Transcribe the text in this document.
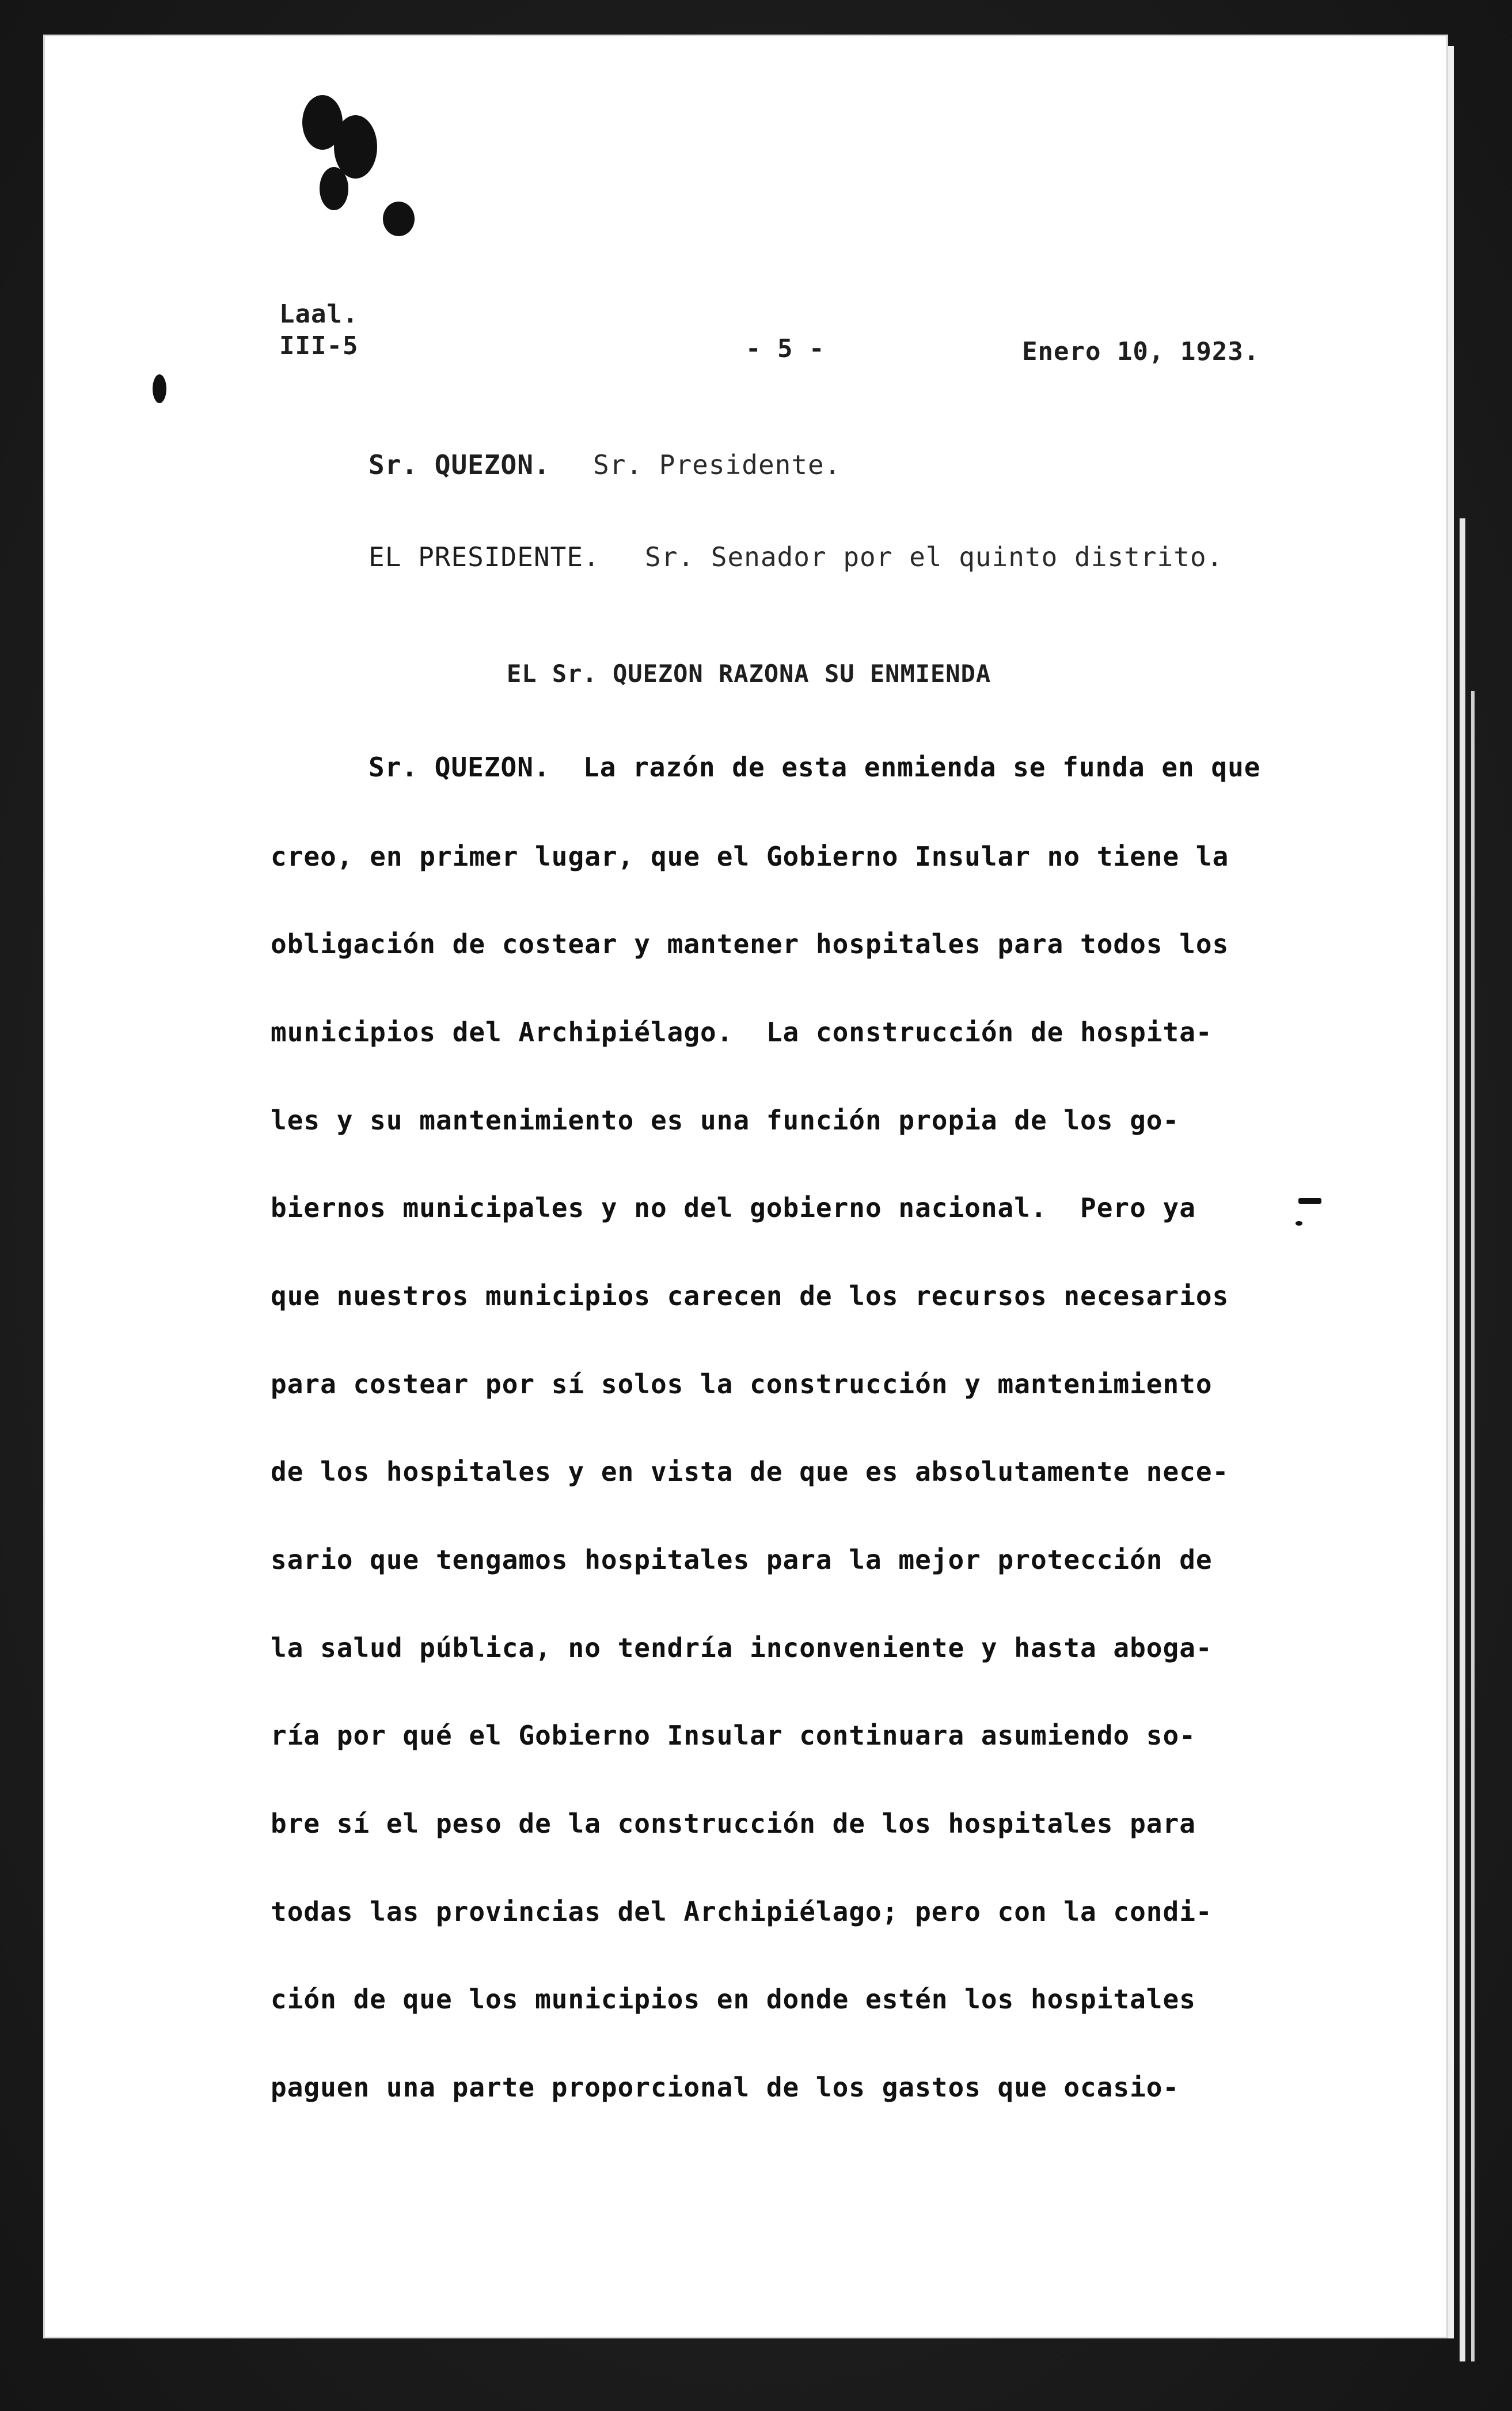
Laal.
III-5	- 5 -	Enero 10, 1923.
Sr. QUEZON. Sr. Presidente.
EL PRESIDENTE. Sr. Senador por el quinto distrito.
EL Sr. QUEZON RAZONA SU ENMIENDA
Sr. QUEZON.  La razón de esta enmienda se funda en que
creo, en primer lugar, que el Gobierno Insular no tiene la
obligación de costear y mantener hospitales para todos los
municipios del Archipiélago.  La construcción de hospita-
les y su mantenimiento es una función propia de los go-
biernos municipales y no del gobierno nacional.  Pero ya
que nuestros municipios carecen de los recursos necesarios
para costear por sí solos la construcción y mantenimiento
de los hospitales y en vista de que es absolutamente nece-
sario que tengamos hospitales para la mejor protección de
la salud pública, no tendría inconveniente y hasta aboga-
ría por qué el Gobierno Insular continuara asumiendo so-
bre sí el peso de la construcción de los hospitales para
todas las provincias del Archipiélago; pero con la condi-
ción de que los municipios en donde estén los hospitales
paguen una parte proporcional de los gastos que ocasio-
